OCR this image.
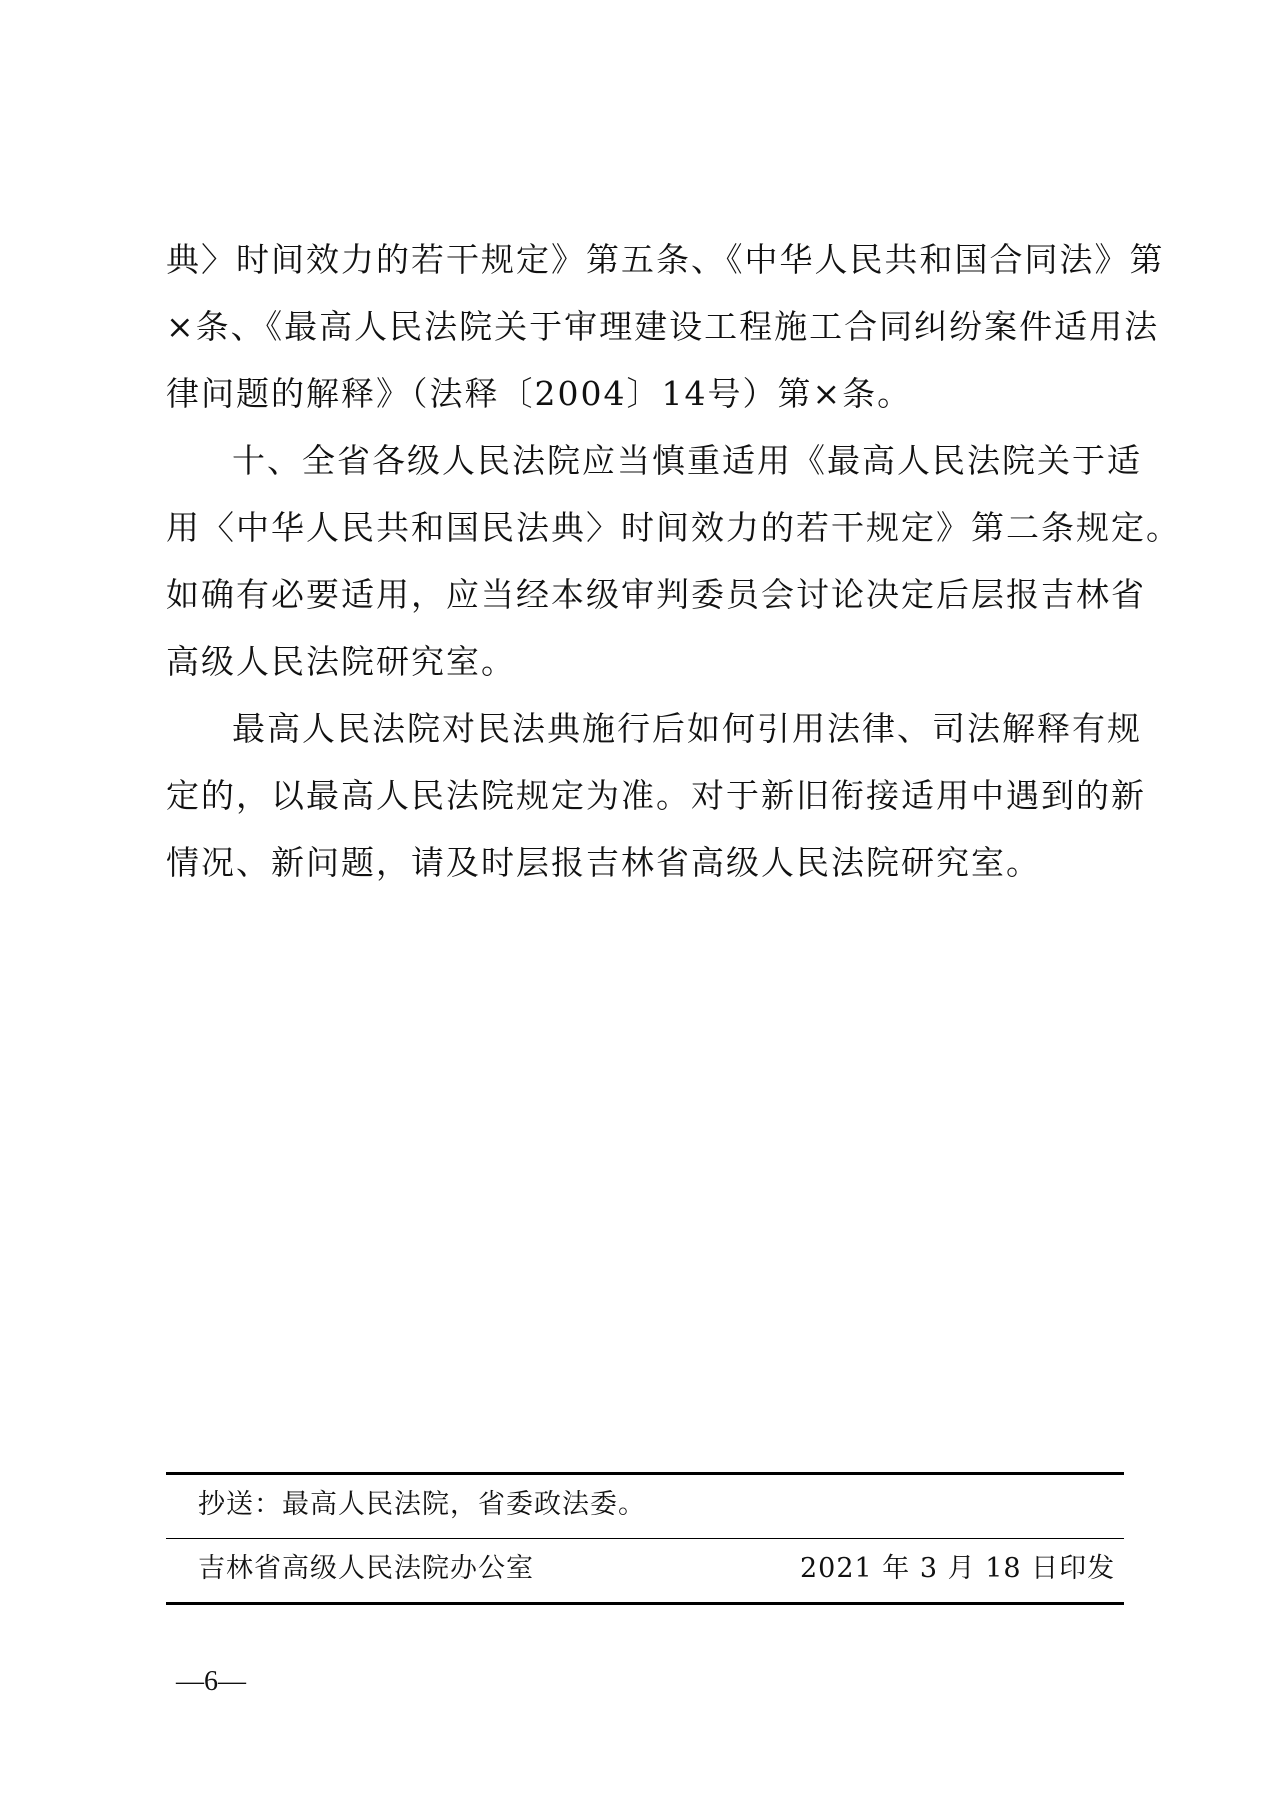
典〉时间效力的若干规定》第五条、《中华人民共和国合同法》第
×条、《最高人民法院关于审理建设工程施工合同纠纷案件适用法
律问题的解释》（法释〔2004〕14号）第×条。
十、全省各级人民法院应当慎重适用《最高人民法院关于适
用〈中华人民共和国民法典〉时间效力的若干规定》第二条规定。
如确有必要适用，应当经本级审判委员会讨论决定后层报吉林省
高级人民法院研究室。
最高人民法院对民法典施行后如何引用法律、司法解释有规
定的，以最高人民法院规定为准。对于新旧衔接适用中遇到的新
情况、新问题，请及时层报吉林省高级人民法院研究室。
抄送：最高人民法院，省委政法委。
吉林省高级人民法院办公室	2021 年 3 月 18 日印发
—6—
